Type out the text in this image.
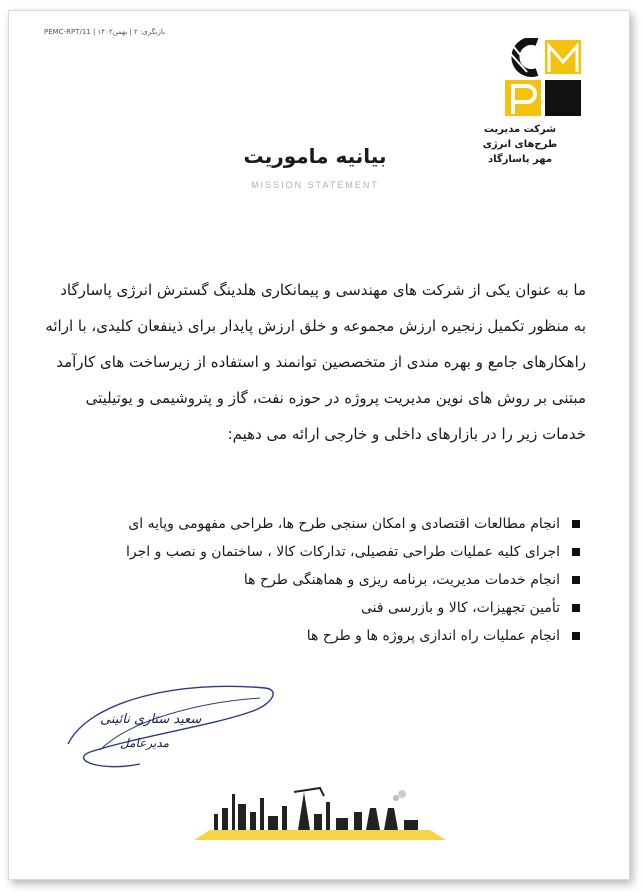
PEMC-RPT/11 | بازنگری: ۲ | بهمن۱۴۰۲
شرکت مدیریت
طرح‌های انرژی
مهر پاسارگاد
بیانیه ماموریت
MISSION STATEMENT
ما به عنوان یکی از شرکت های مهندسی و پیمانکاری هلدینگ گسترش انرژی پاسارگاد
به منظور تکمیل زنجیره ارزش مجموعه و خلق ارزش پایدار برای ذینفعان کلیدی، با ارائه
راهکارهای جامع و بهره مندی از متخصصین توانمند و استفاده از زیرساخت های کارآمد
مبتنی بر روش های نوین مدیریت پروژه در حوزه نفت، گاز و پتروشیمی و یوتیلیتی
خدمات زیر را در بازارهای داخلی و خارجی ارائه می دهیم:
انجام مطالعات اقتصادی و امکان سنجی طرح ها، طراحی مفهومی وپایه ای
اجرای کلیه عملیات طراحی تفصیلی، تدارکات کالا ، ساختمان و نصب و اجرا
انجام خدمات مدیریت، برنامه ریزی و هماهنگی طرح ها
تأمین تجهیزات، کالا و بازرسی فنی
انجام عملیات راه اندازی پروژه ها و طرح ها
سعید ستاری نائینی
مدیرعامل
